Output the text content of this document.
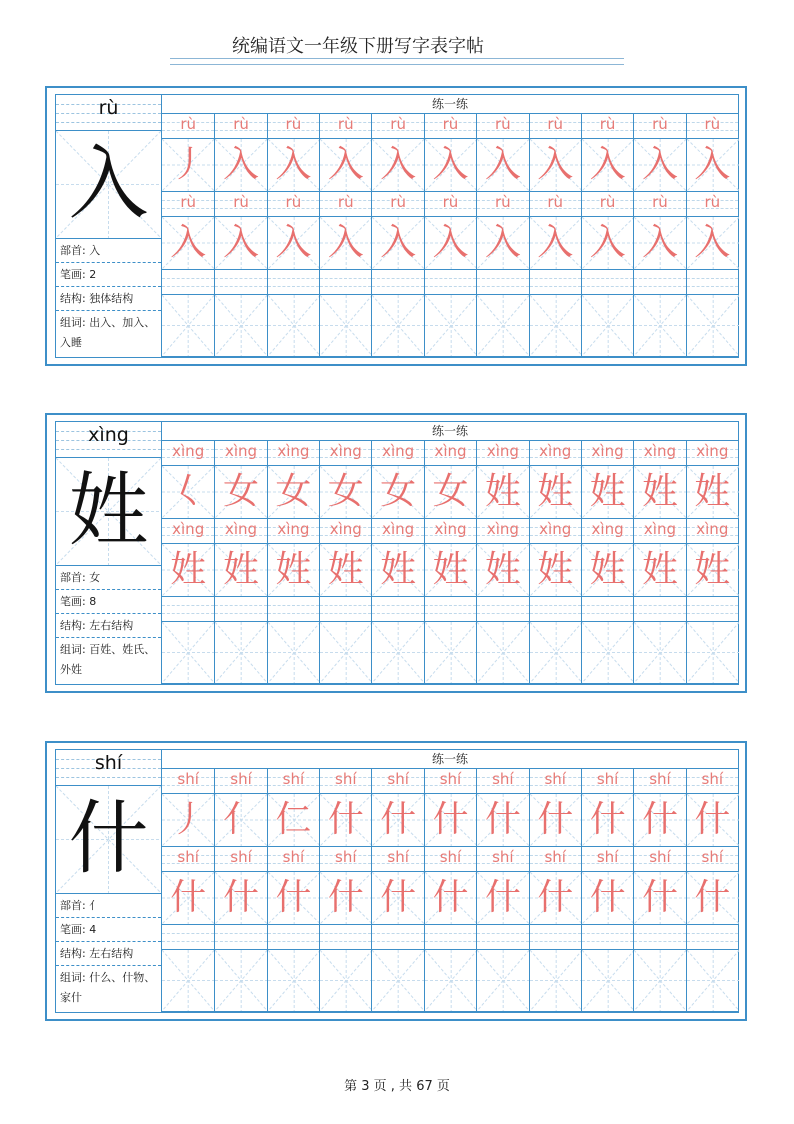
统编语文一年级下册写字表字帖
rù
入
部首: 入
笔画: 2
结构: 独体结构
组词: 出入、加入、入睡
练一练
rù	rù	rù	rù	rù	rù	rù	rù	rù	rù	rù
丿 入 入 入 入 入 入 入 入 入 入
rù	rù	rù	rù	rù	rù	rù	rù	rù	rù	rù
入 入 入 入 入 入 入 入 入 入 入
xìng
姓
部首: 女
笔画: 8
结构: 左右结构
组词: 百姓、姓氏、外姓
练一练
xìng	xìng	xìng	xìng	xìng	xìng	xìng	xìng	xìng	xìng	xìng
𡿨 女 女 女 女 女 姓 姓 姓 姓 姓
xìng	xìng	xìng	xìng	xìng	xìng	xìng	xìng	xìng	xìng	xìng
姓 姓 姓 姓 姓 姓 姓 姓 姓 姓 姓
shí
什
部首: 亻
笔画: 4
结构: 左右结构
组词: 什么、什物、家什
练一练
shí	shí	shí	shí	shí	shí	shí	shí	shí	shí	shí
丿 亻 仁 什 什 什 什 什 什 什 什
shí	shí	shí	shí	shí	shí	shí	shí	shí	shí	shí
什 什 什 什 什 什 什 什 什 什 什
第 3 页 , 共 67 页
